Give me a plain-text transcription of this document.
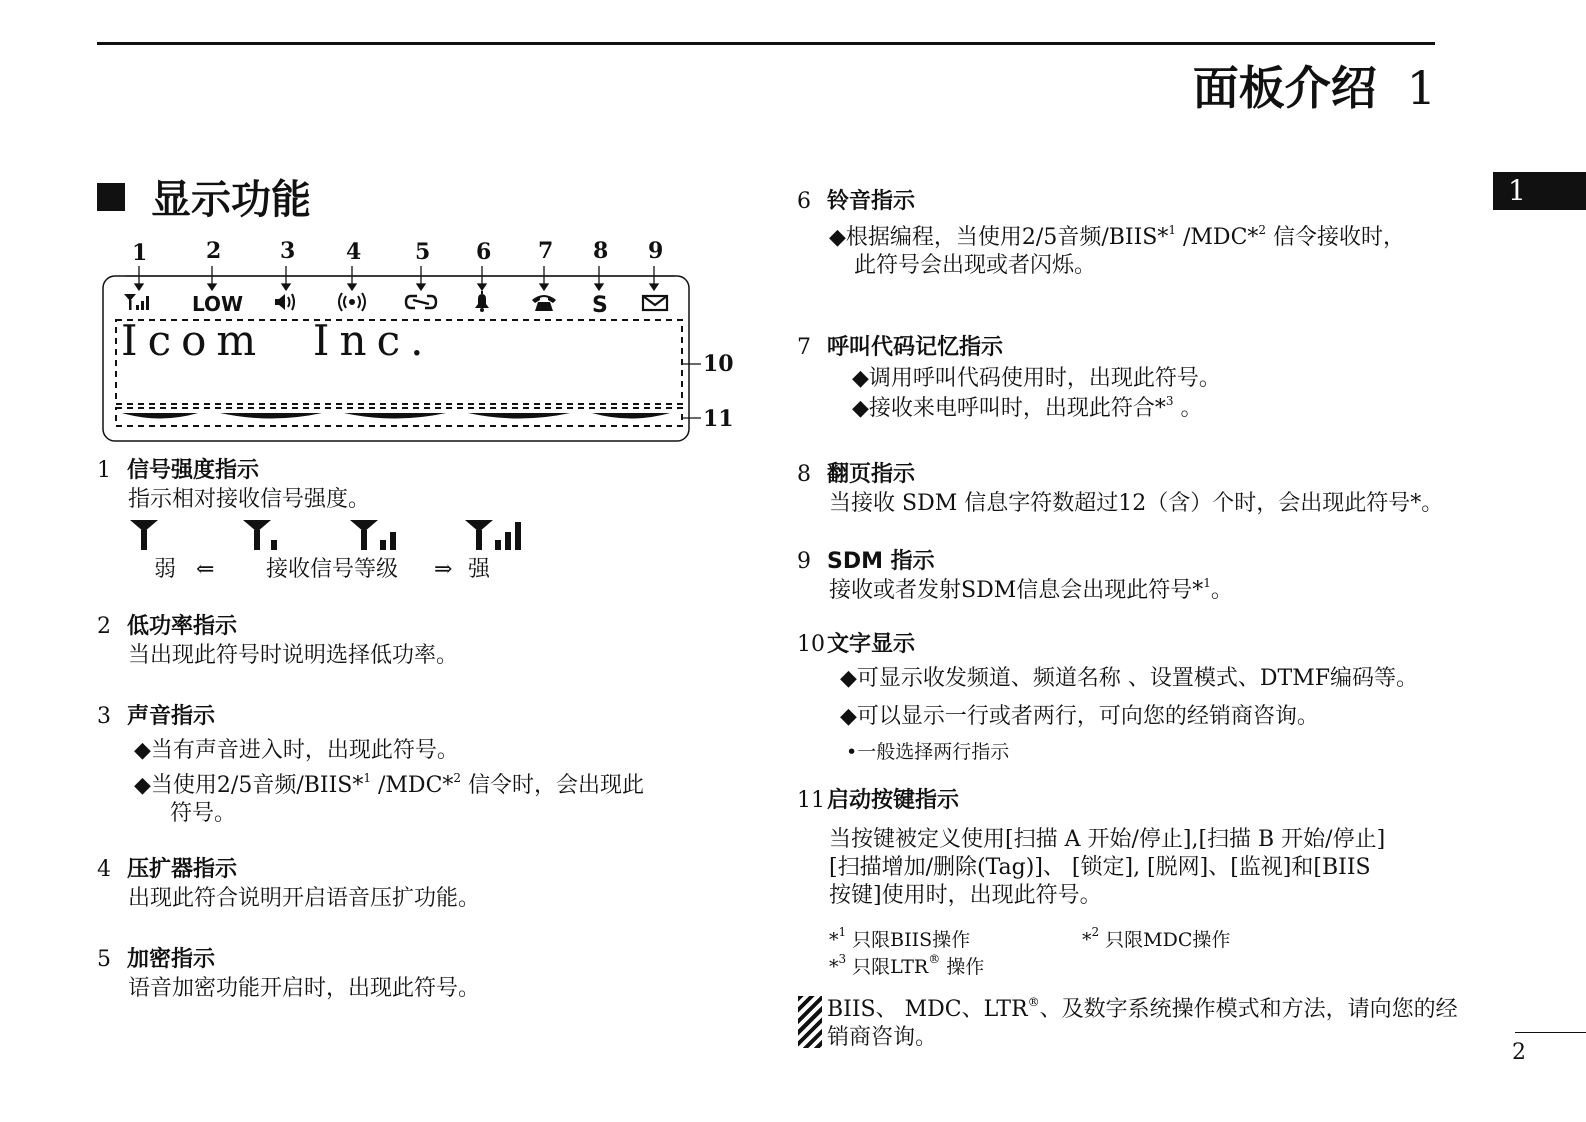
面板介绍 1
1
2
显示功能
1	2	3 4 5 6 7 8 9
10
11
LOW	S
Icom  Inc.
1 信号强度指示
指示相对接收信号强度。
弱 ⇐ 接收信号等级 ⇒ 强
2 低功率指示
当出现此符号时说明选择低功率。
3 声音指示
◆当有声音进入时，出现此符号。
◆当使用2/5音频/BIIS*$^1$ /MDC*$^2$ 信令时，会出现此
符号。
4 压扩器指示
出现此符合说明开启语音压扩功能。
5 加密指示
语音加密功能开启时，出现此符号。
6 铃音指示
◆根据编程，当使用2/5音频/BIIS*$^1$ /MDC*$^2$ 信令接收时，
此符号会出现或者闪烁。
7 呼叫代码记忆指示
◆调用呼叫代码使用时，出现此符号。
◆接收来电呼叫时，出现此符合*$^3$ 。
8 翻页指示
当接收 SDM 信息字符数超过12（含）个时，会出现此符号*。
9 SDM 指示
接收或者发射SDM信息会出现此符号*$^1$。
10文字显示
◆可显示收发频道、频道名称 、设置模式、DTMF编码等。
◆可以显示一行或者两行，可向您的经销商咨询。
•一般选择两行指示
11启动按键指示
当按键被定义使用[扫描 A 开始/停止],[扫描 B 开始/停止]
[扫描增加/删除(Tag)]、 [锁定], [脱网]、[监视]和[BIIS
按键]使用时，出现此符号。
*$^1$ 只限BIIS操作	*$^2$ 只限MDC操作
*$^3$ 只限LTR® 操作
BIIS、 MDC、LTR®、及数字系统操作模式和方法，请向您的经
销商咨询。
